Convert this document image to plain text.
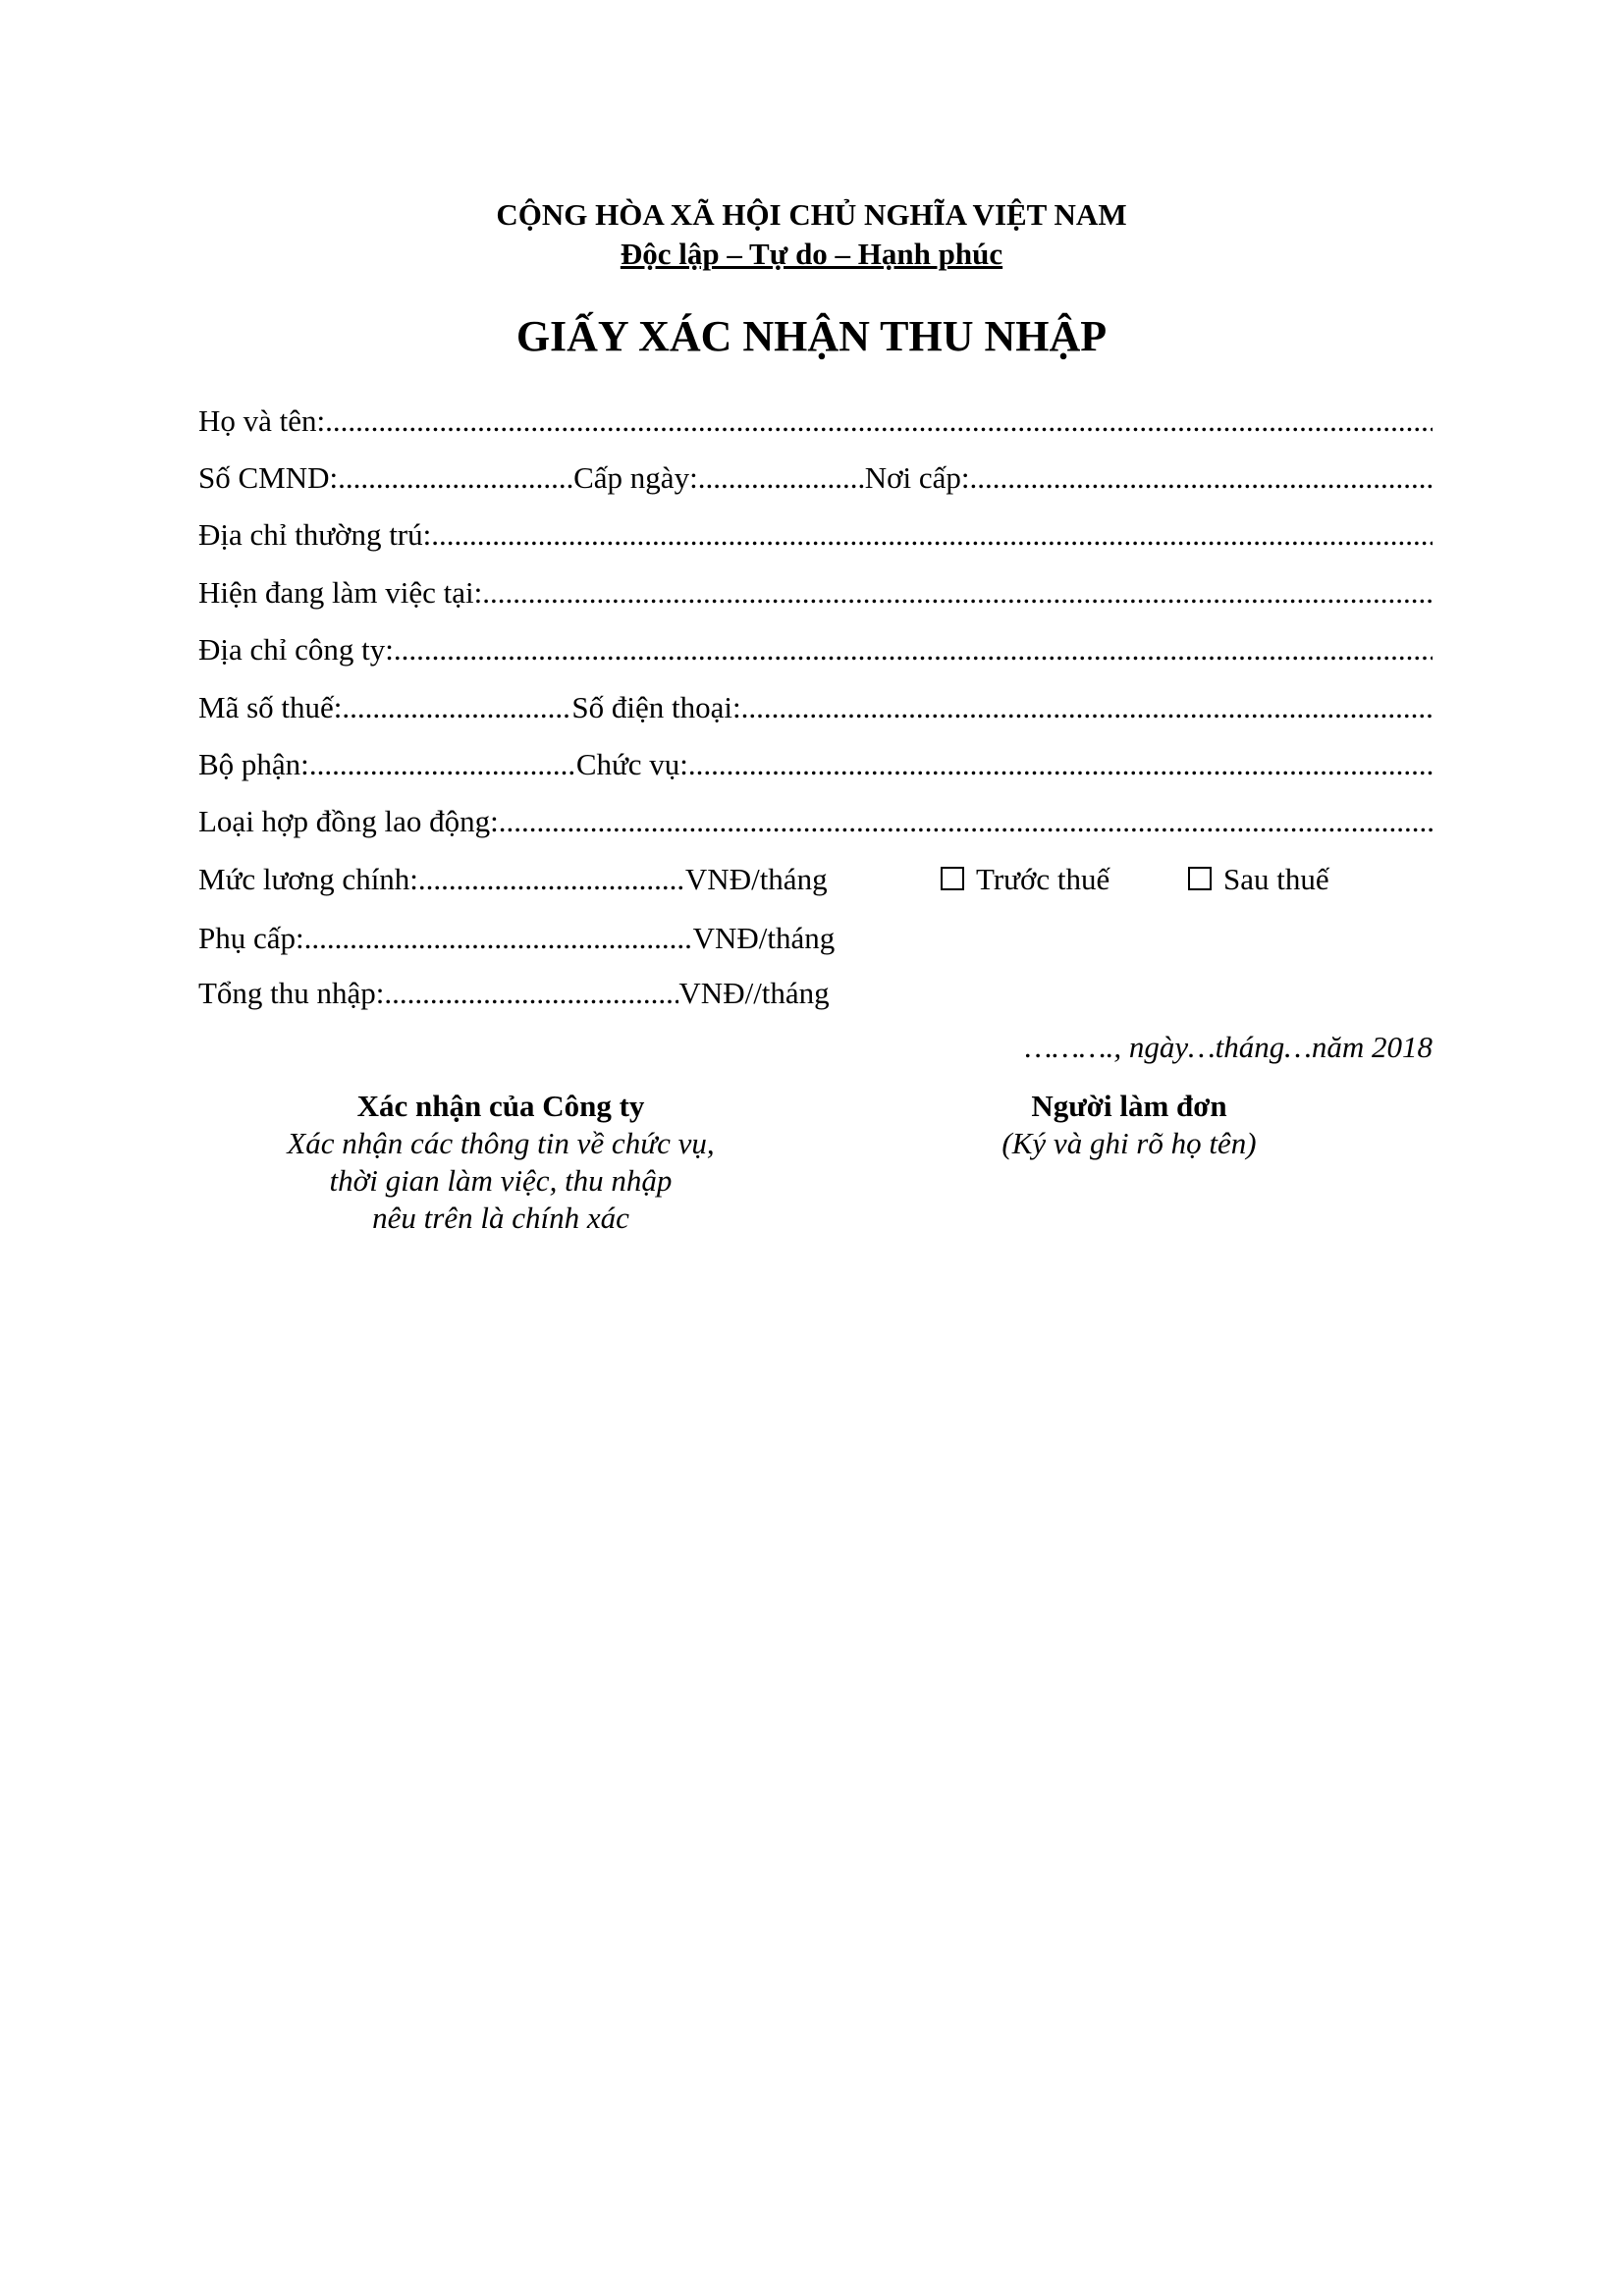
CỘNG HÒA XÃ HỘI CHỦ NGHĨA VIỆT NAM
Độc lập – Tự do – Hạnh phúc
GIẤY XÁC NHẬN THU NHẬP
Họ và tên:
.....
Số CMND: .....	Cấp ngày: .....	Nơi cấp:
.....
Địa chỉ thường trú:
.....
Hiện đang làm việc tại:
.....
Địa chỉ công ty:
.....
Mã số thuế: .....	Số điện thoại:
.....
Bộ phận: .....	Chức vụ:
.....
Loại hợp đồng lao động:
.....
Mức lương chính: .....	VNĐ/tháng	Trước thuế	Sau thuế
Phụ cấp: .....	VNĐ/tháng
Tổng thu nhập: .....	VNĐ//tháng
………., ngày…tháng…năm 2018
Xác nhận của Công ty
Xác nhận các thông tin về chức vụ,
thời gian làm việc, thu nhập
nêu trên là chính xác
Người làm đơn
(Ký và ghi rõ họ tên)
